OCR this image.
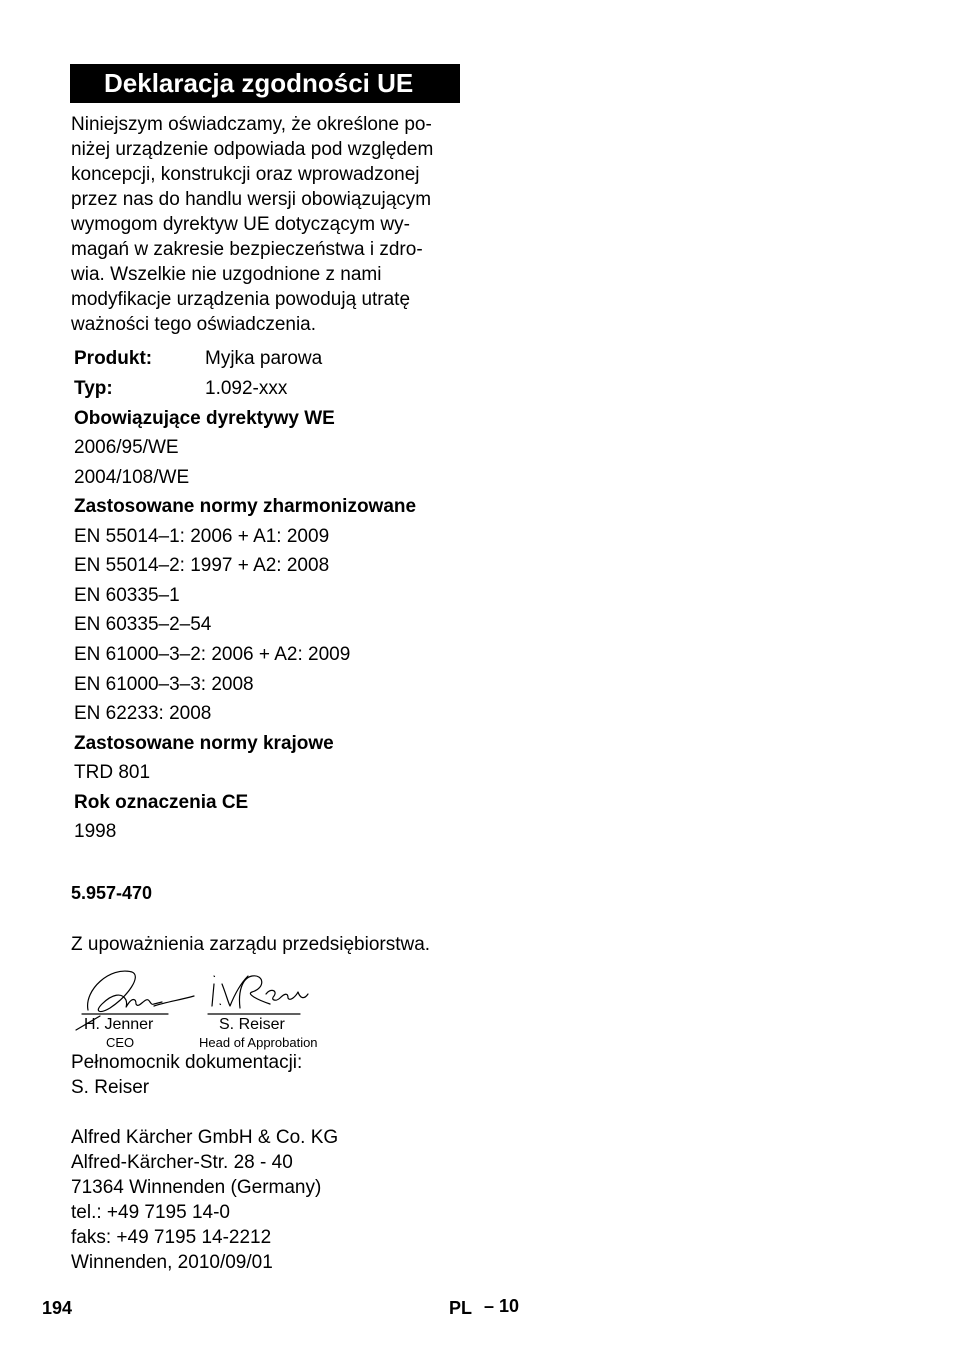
Deklaracja zgodności UE
Niniejszym oświadczamy, że określone po-
niżej urządzenie odpowiada pod względem
koncepcji, konstrukcji oraz wprowadzonej
przez nas do handlu wersji obowiązującym
wymogom dyrektyw UE dotyczącym wy-
magań w zakresie bezpieczeństwa i zdro-
wia. Wszelkie nie uzgodnione z nami
modyfikacje urządzenia powodują utratę
ważności tego oświadczenia.
Produkt:	Myjka parowa
Typ:	1.092-xxx
Obowiązujące dyrektywy WE
2006/95/WE
2004/108/WE
Zastosowane normy zharmonizowane
EN 55014–1: 2006 + A1: 2009
EN 55014–2: 1997 + A2: 2008
EN 60335–1
EN 60335–2–54
EN 61000–3–2: 2006 + A2: 2009
EN 61000–3–3: 2008
EN 62233: 2008
Zastosowane normy krajowe
TRD 801
Rok oznaczenia CE
1998
5.957-470
Z upoważnienia zarządu przedsiębiorstwa.
H. Jenner
CEO
S. Reiser
Head of Approbation
Pełnomocnik dokumentacji:
S. Reiser
Alfred Kärcher GmbH & Co. KG
Alfred-Kärcher-Str. 28 - 40
71364 Winnenden (Germany)
tel.: +49 7195 14-0
faks: +49 7195 14-2212
Winnenden, 2010/09/01
194	PL – 10
